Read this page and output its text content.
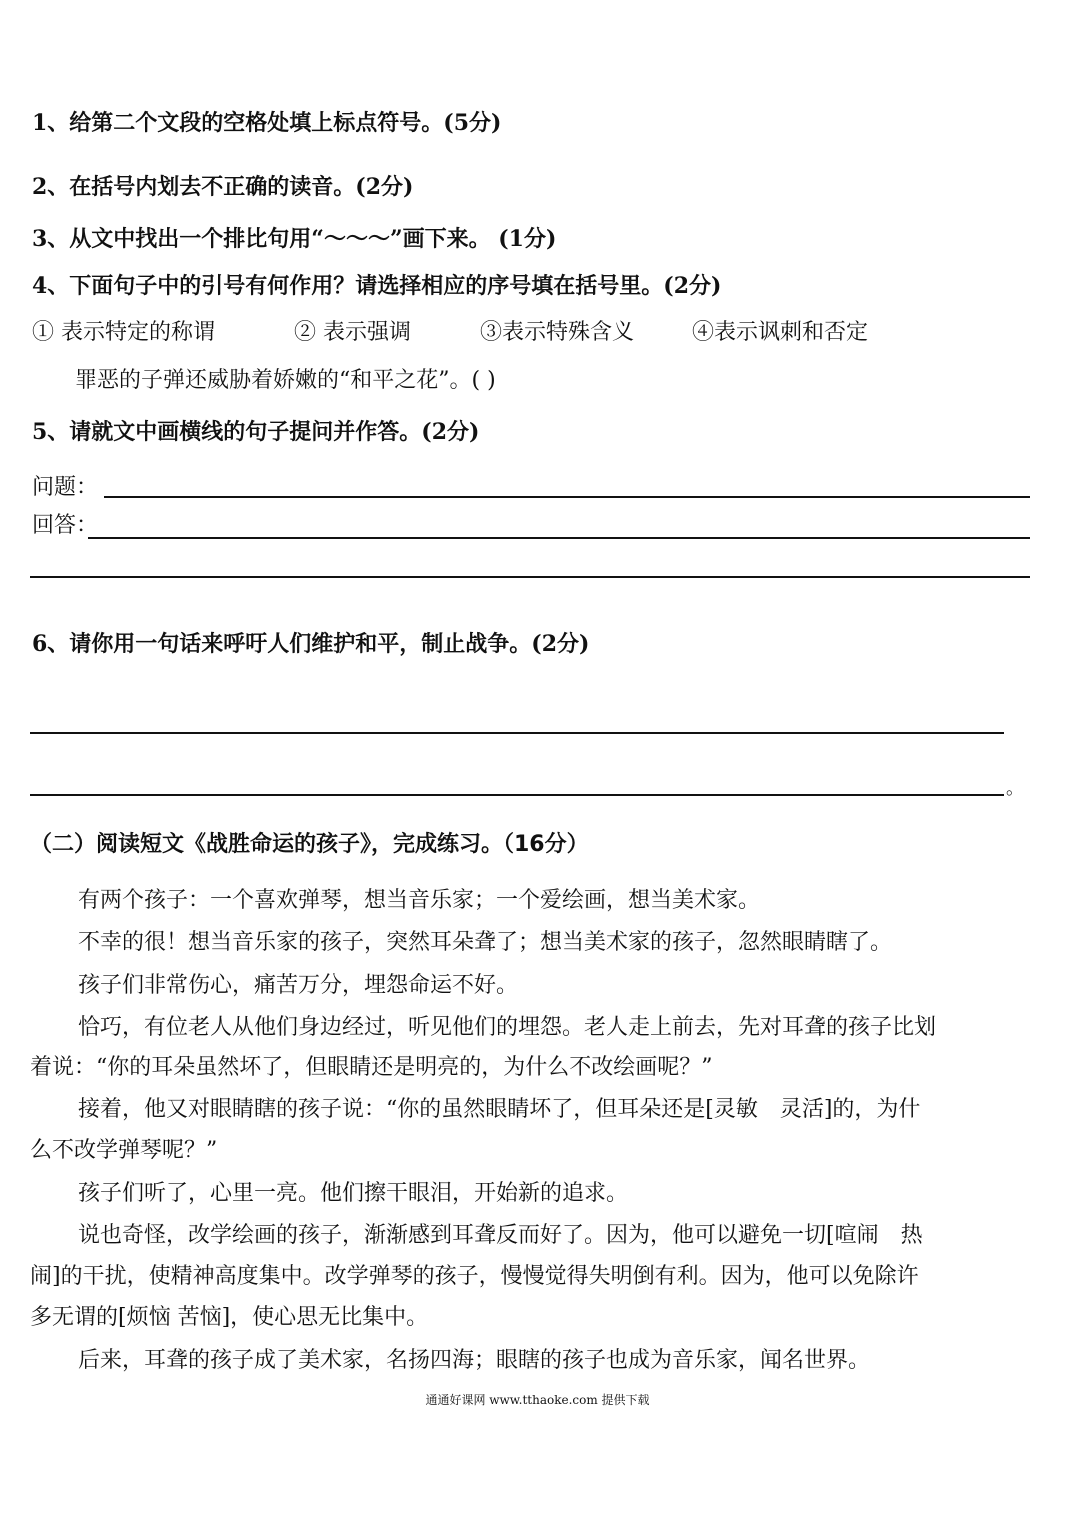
1、给第二个文段的空格处填上标点符号。(5分)
2、在括号内划去不正确的读音。(2分)
3、从文中找出一个排比句用“～～～”画下来。 (1分)
4、下面句子中的引号有何作用？请选择相应的序号填在括号里。(2分)
① 表示特定的称谓	② 表示强调	③表示特殊含义	④表示讽刺和否定
罪恶的子弹还威胁着娇嫩的“和平之花”。( )
5、请就文中画横线的句子提问并作答。(2分)
问题：
回答：
6、请你用一句话来呼吁人们维护和平，制止战争。(2分)
。
（二）阅读短文《战胜命运的孩子》，完成练习。（16分）
有两个孩子：一个喜欢弹琴，想当音乐家；一个爱绘画，想当美术家。
不幸的很！想当音乐家的孩子，突然耳朵聋了；想当美术家的孩子，忽然眼睛瞎了。
孩子们非常伤心，痛苦万分，埋怨命运不好。
恰巧，有位老人从他们身边经过，听见他们的埋怨。老人走上前去，先对耳聋的孩子比划
着说：“你的耳朵虽然坏了，但眼睛还是明亮的，为什么不改绘画呢？”
接着，他又对眼睛瞎的孩子说：“你的虽然眼睛坏了，但耳朵还是[灵敏　灵活]的，为什
么不改学弹琴呢？”
孩子们听了，心里一亮。他们擦干眼泪，开始新的追求。
说也奇怪，改学绘画的孩子，渐渐感到耳聋反而好了。因为，他可以避免一切[喧闹　热
闹]的干扰，使精神高度集中。改学弹琴的孩子，慢慢觉得失明倒有利。因为，他可以免除许
多无谓的[烦恼 苦恼]，使心思无比集中。
后来，耳聋的孩子成了美术家，名扬四海；眼瞎的孩子也成为音乐家，闻名世界。
通通好课网 www.tthaoke.com 提供下载
